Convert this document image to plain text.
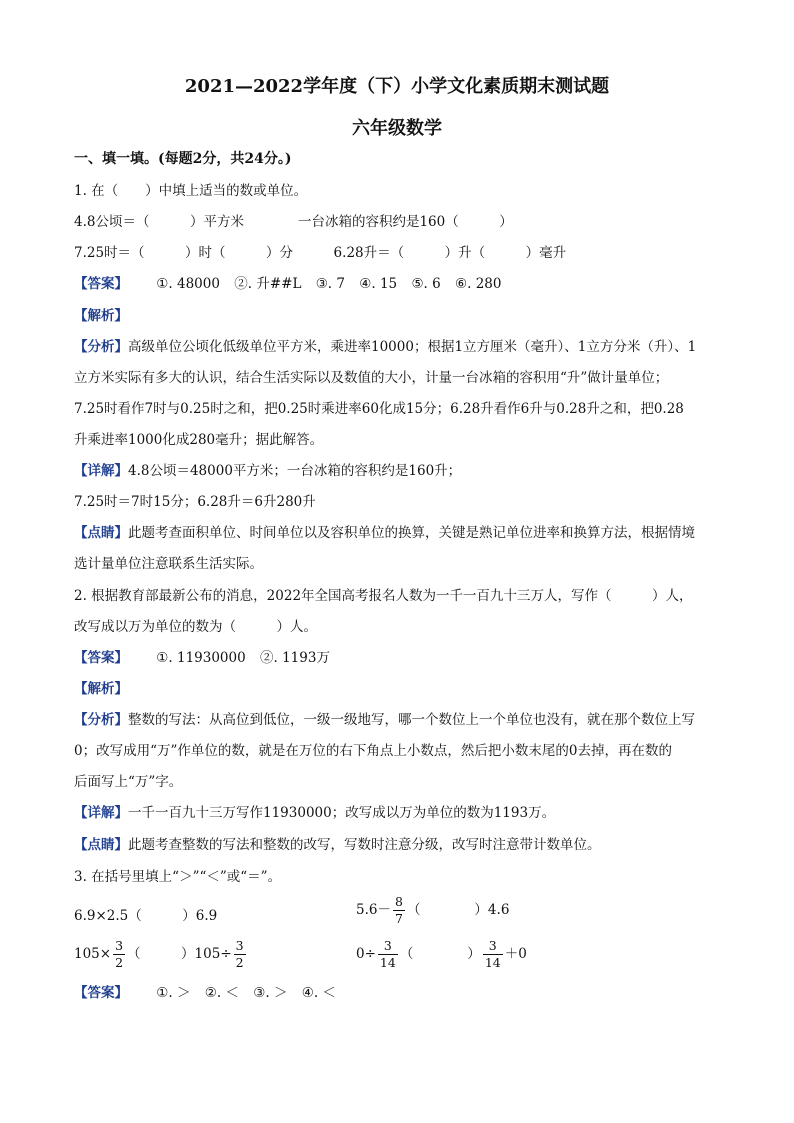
2021—2022学年度（下）小学文化素质期末测试题
六年级数学
一、填一填。(每题2分，共24分。)
1. 在（　　）中填上适当的数或单位。
4.8公顷＝（　　　）平方米　　　　一台冰箱的容积约是160（　　　）
7.25时＝（　　　）时（　　　）分　　　6.28升＝（　　　）升（　　　）毫升
【答案】 ①. 48000 ②. 升##L ③. 7 ④. 15 ⑤. 6 ⑥. 280
【解析】
【分析】高级单位公顷化低级单位平方米，乘进率10000；根据1立方厘米（毫升）、1立方分米（升）、1
立方米实际有多大的认识，结合生活实际以及数值的大小，计量一台冰箱的容积用“升”做计量单位；
7.25时看作7时与0.25时之和，把0.25时乘进率60化成15分；6.28升看作6升与0.28升之和，把0.28
升乘进率1000化成280毫升；据此解答。
【详解】4.8公顷＝48000平方米；一台冰箱的容积约是160升；
7.25时＝7时15分；6.28升＝6升280升
【点睛】此题考查面积单位、时间单位以及容积单位的换算，关键是熟记单位进率和换算方法，根据情境
选计量单位注意联系生活实际。
2. 根据教育部最新公布的消息，2022年全国高考报名人数为一千一百九十三万人，写作（　　　）人，
改写成以万为单位的数为（　　　）人。
【答案】 ①. 11930000 ②. 1193万
【解析】
【分析】整数的写法：从高位到低位，一级一级地写，哪一个数位上一个单位也没有，就在那个数位上写
0；改写成用“万”作单位的数，就是在万位的右下角点上小数点，然后把小数末尾的0去掉，再在数的
后面写上“万”字。
【详解】一千一百九十三万写作11930000；改写成以万为单位的数为1193万。
【点睛】此题考查整数的写法和整数的改写，写数时注意分级，改写时注意带计数单位。
3. 在括号里填上“＞”“＜”或“＝”。
6.9×2.5（　　　）6.9	$5.6- \frac{8}{7}$ （　　　　）4.6
$105\times \frac{3}{2}$ （　　　）$105\div \frac{3}{2}$	$0\div \frac{3}{14}$ （　　　　） $\frac{3}{14} +0$
【答案】 ①. ＞ ②. ＜ ③. ＞ ④. ＜
